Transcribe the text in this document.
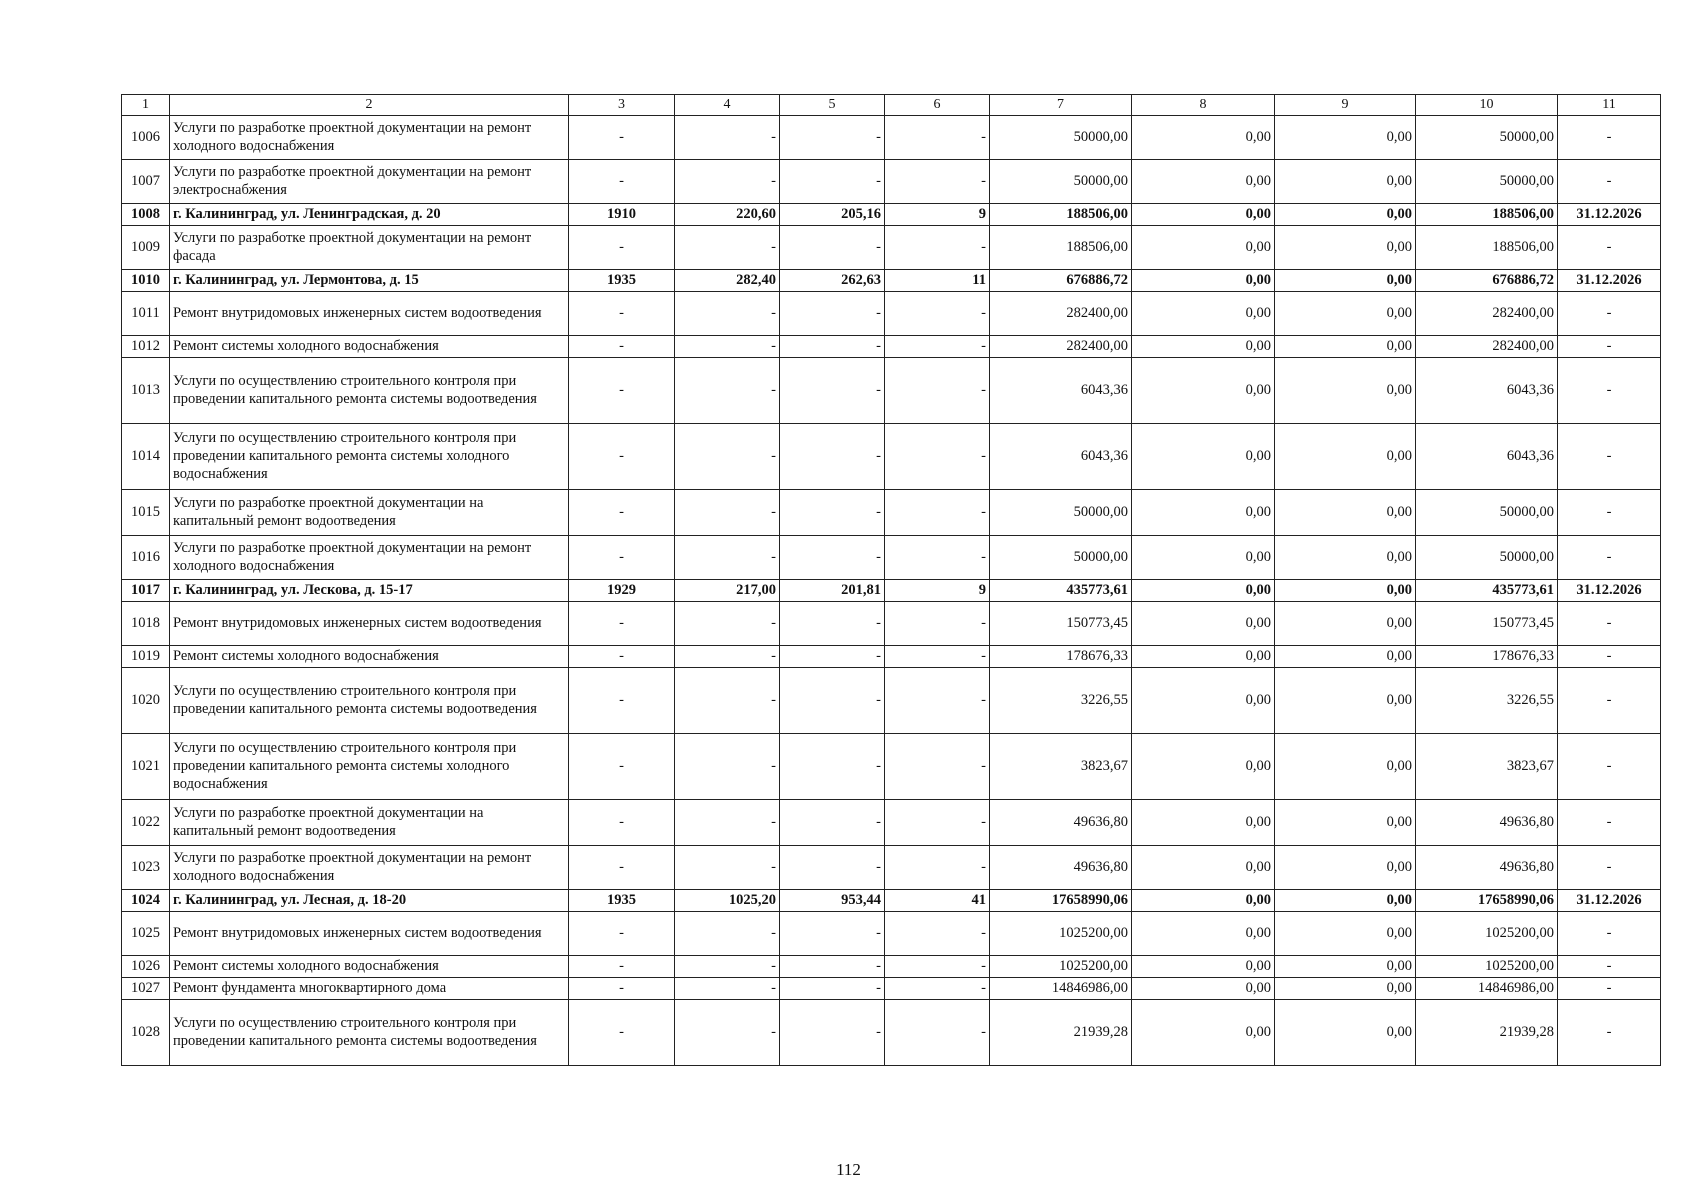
1	2	3	4	5	6	7	8	9	10	11
1006	Услуги по разработке проектной документации на ремонт холодного водоснабжения	-	-	-	-	50000,00	0,00	0,00	50000,00	-
1007	Услуги по разработке проектной документации на ремонт электроснабжения	-	-	-	-	50000,00	0,00	0,00	50000,00	-
1008	г. Калининград, ул. Ленинградская, д. 20	1910	220,60	205,16	9	188506,00	0,00	0,00	188506,00	31.12.2026
1009	Услуги по разработке проектной документации на ремонт фасада	-	-	-	-	188506,00	0,00	0,00	188506,00	-
1010	г. Калининград, ул. Лермонтова, д. 15	1935	282,40	262,63	11	676886,72	0,00	0,00	676886,72	31.12.2026
1011	Ремонт внутридомовых инженерных систем водоотведения	-	-	-	-	282400,00	0,00	0,00	282400,00	-
1012	Ремонт системы холодного водоснабжения	-	-	-	-	282400,00	0,00	0,00	282400,00	-
1013	Услуги по осуществлению строительного контроля при проведении капитального ремонта системы водоотведения	-	-	-	-	6043,36	0,00	0,00	6043,36	-
1014	Услуги по осуществлению строительного контроля при проведении капитального ремонта системы холодного водоснабжения	-	-	-	-	6043,36	0,00	0,00	6043,36	-
1015	Услуги по разработке проектной документации на капитальный ремонт водоотведения	-	-	-	-	50000,00	0,00	0,00	50000,00	-
1016	Услуги по разработке проектной документации на ремонт холодного водоснабжения	-	-	-	-	50000,00	0,00	0,00	50000,00	-
1017	г. Калининград, ул. Лескова, д. 15-17	1929	217,00	201,81	9	435773,61	0,00	0,00	435773,61	31.12.2026
1018	Ремонт внутридомовых инженерных систем водоотведения	-	-	-	-	150773,45	0,00	0,00	150773,45	-
1019	Ремонт системы холодного водоснабжения	-	-	-	-	178676,33	0,00	0,00	178676,33	-
1020	Услуги по осуществлению строительного контроля при проведении капитального ремонта системы водоотведения	-	-	-	-	3226,55	0,00	0,00	3226,55	-
1021	Услуги по осуществлению строительного контроля при проведении капитального ремонта системы холодного водоснабжения	-	-	-	-	3823,67	0,00	0,00	3823,67	-
1022	Услуги по разработке проектной документации на капитальный ремонт водоотведения	-	-	-	-	49636,80	0,00	0,00	49636,80	-
1023	Услуги по разработке проектной документации на ремонт холодного водоснабжения	-	-	-	-	49636,80	0,00	0,00	49636,80	-
1024	г. Калининград, ул. Лесная, д. 18-20	1935	1025,20	953,44	41	17658990,06	0,00	0,00	17658990,06	31.12.2026
1025	Ремонт внутридомовых инженерных систем водоотведения	-	-	-	-	1025200,00	0,00	0,00	1025200,00	-
1026	Ремонт системы холодного водоснабжения	-	-	-	-	1025200,00	0,00	0,00	1025200,00	-
1027	Ремонт фундамента многоквартирного дома	-	-	-	-	14846986,00	0,00	0,00	14846986,00	-
1028	Услуги по осуществлению строительного контроля при проведении капитального ремонта системы водоотведения	-	-	-	-	21939,28	0,00	0,00	21939,28	-
112
